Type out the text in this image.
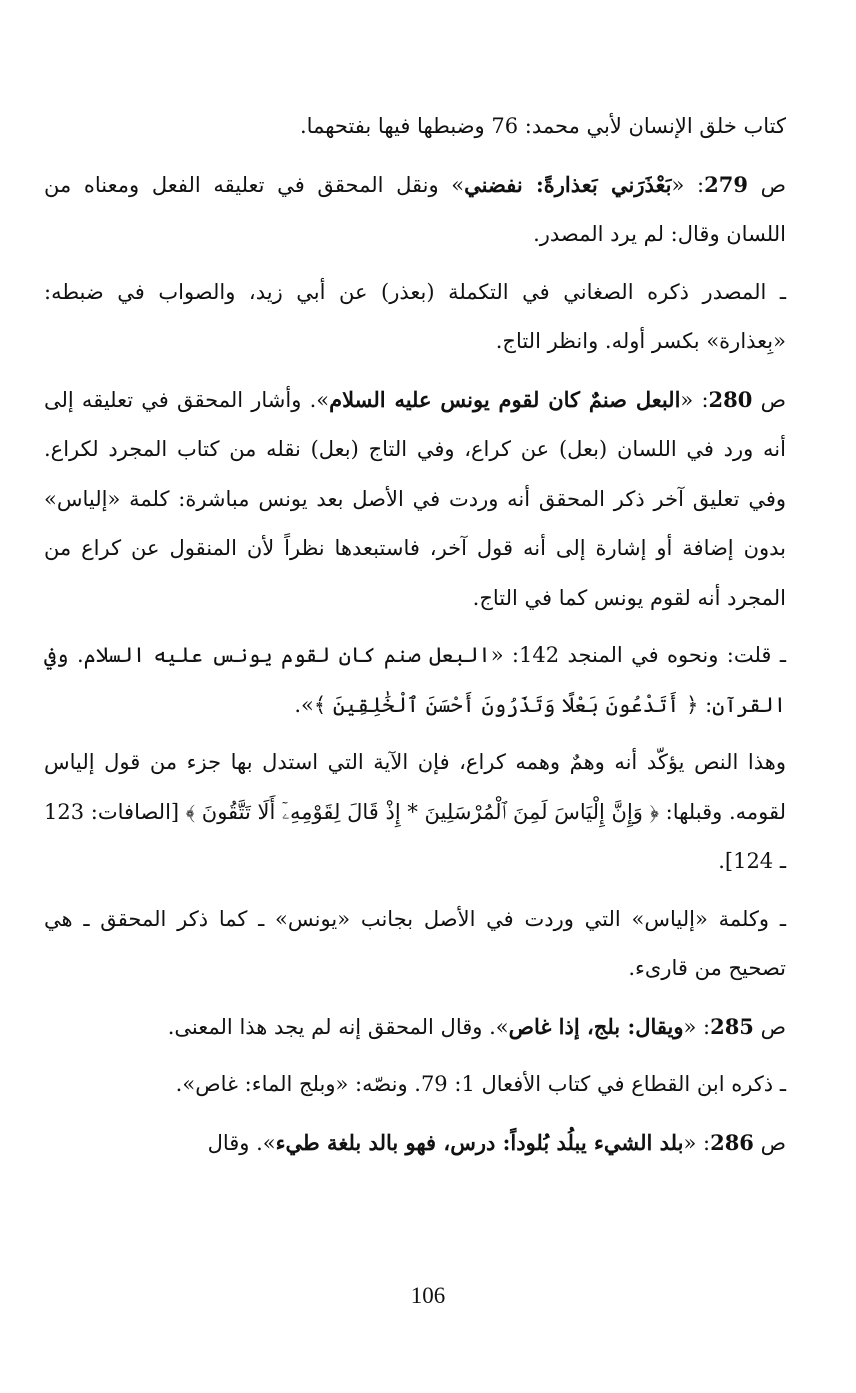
كتاب خلق الإنسان لأبي محمد: 76 وضبطها فيها بفتحهما.

ص 279: «بَعْذَرَني بَعذارةً: نفضني» ونقل المحقق في تعليقه الفعل ومعناه من اللسان وقال: لم يرد المصدر.

ـ المصدر ذكره الصغاني في التكملة (بعذر) عن أبي زيد، والصواب في ضبطه: «بِعذارة» بكسر أوله. وانظر التاج.

ص 280: «البعل صنمٌ كان لقوم يونس عليه السلام». وأشار المحقق في تعليقه إلى أنه ورد في اللسان (بعل) عن كراع، وفي التاج (بعل) نقله من كتاب المجرد لكراع. وفي تعليق آخر ذكر المحقق أنه وردت في الأصل بعد يونس مباشرة: كلمة «إلياس» بدون إضافة أو إشارة إلى أنه قول آخر، فاستبعدها نظراً لأن المنقول عن كراع من المجرد أنه لقوم يونس كما في التاج.

ـ قلت: ونحوه في المنجد 142: «البعل صنم كان لقوم يونس عليه السلام. وفي القرآن: ﴿ أَتَدْعُونَ بَعْلًا وَتَذَرُونَ أَحْسَنَ ٱلْخَٰلِقِينَ ﴾».

وهذا النص يؤكّد أنه وهمٌ وهمه كراع، فإن الآية التي استدل بها جزء من قول إلياس لقومه. وقبلها: ﴿ وَإِنَّ إِلْيَاسَ لَمِنَ ٱلْمُرْسَلِينَ * إِذْ قَالَ لِقَوْمِهِۦٓ أَلَا تَتَّقُونَ ﴾ [الصافات: 123 ـ 124].

ـ وكلمة «إلياس» التي وردت في الأصل بجانب «يونس» ـ كما ذكر المحقق ـ هي تصحيح من قارىء.

ص 285: «ويقال: بلج، إذا غاص». وقال المحقق إنه لم يجد هذا المعنى.

ـ ذكره ابن القطاع في كتاب الأفعال 1: 79. ونصّه: «وبلج الماء: غاص».

ص 286: «بلد الشيء يبلُد بُلوداً: درس، فهو بالد بلغة طيء». وقال

106
